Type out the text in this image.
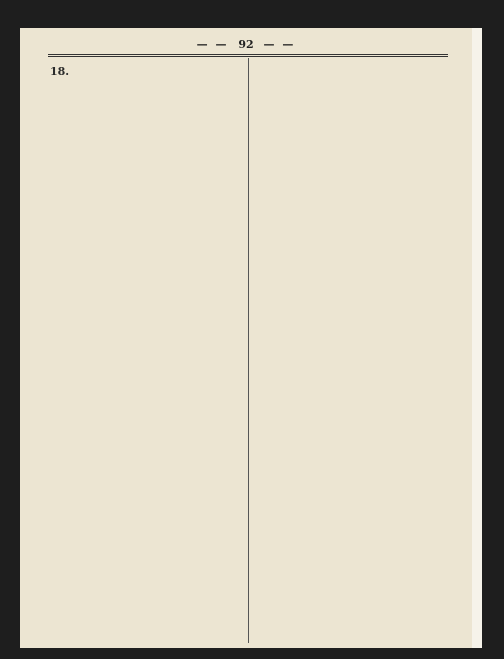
— — 92 — —
18.
